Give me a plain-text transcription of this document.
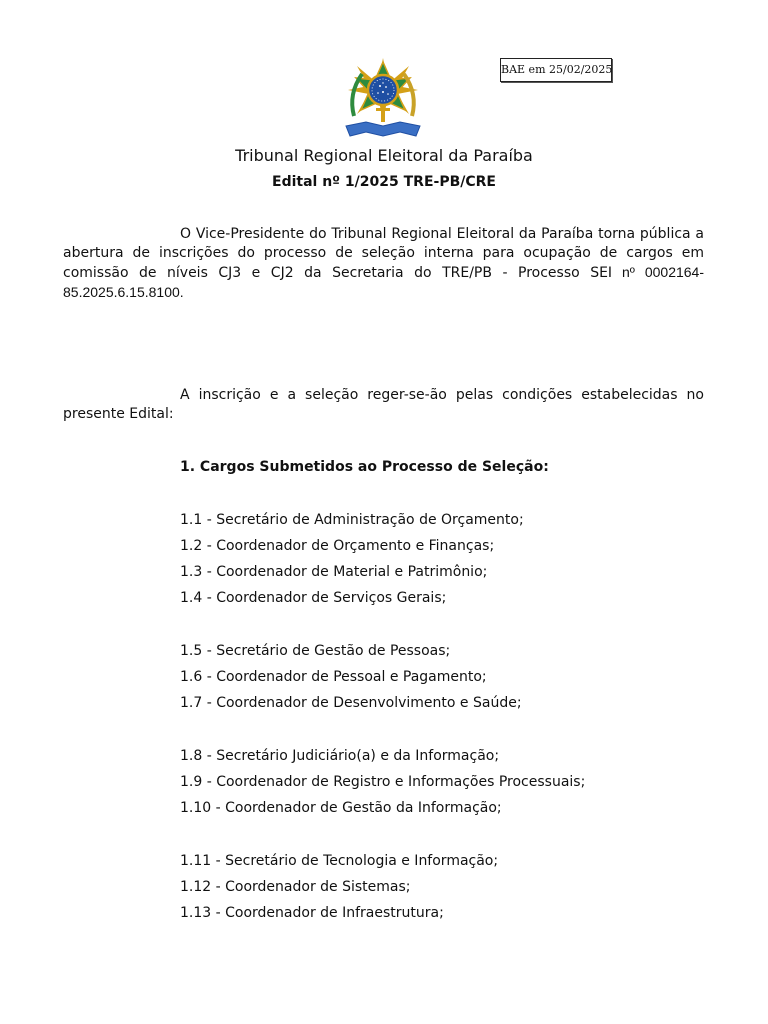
BAE em 25/02/2025
Tribunal Regional Eleitoral da Paraíba
Edital nº 1/2025 TRE-PB/CRE

O Vice-Presidente do Tribunal Regional Eleitoral da Paraíba torna pública a abertura de inscrições do processo de seleção interna para ocupação de cargos em comissão de níveis CJ3 e CJ2 da Secretaria do TRE/PB - Processo SEI nº 0002164-85.2025.6.15.8100.

A inscrição e a seleção reger-se-ão pelas condições estabelecidas no presente Edital:

1. Cargos Submetidos ao Processo de Seleção:
1.1 - Secretário de Administração de Orçamento;
1.2 - Coordenador de Orçamento e Finanças;
1.3 - Coordenador de Material e Patrimônio;
1.4 - Coordenador de Serviços Gerais;
1.5 - Secretário de Gestão de Pessoas;
1.6 - Coordenador de Pessoal e Pagamento;
1.7 - Coordenador de Desenvolvimento e Saúde;
1.8 - Secretário Judiciário(a) e da Informação;
1.9 - Coordenador de Registro e Informações Processuais;
1.10 - Coordenador de Gestão da Informação;
1.11 - Secretário de Tecnologia e Informação;
1.12 - Coordenador de Sistemas;
1.13 - Coordenador de Infraestrutura;
